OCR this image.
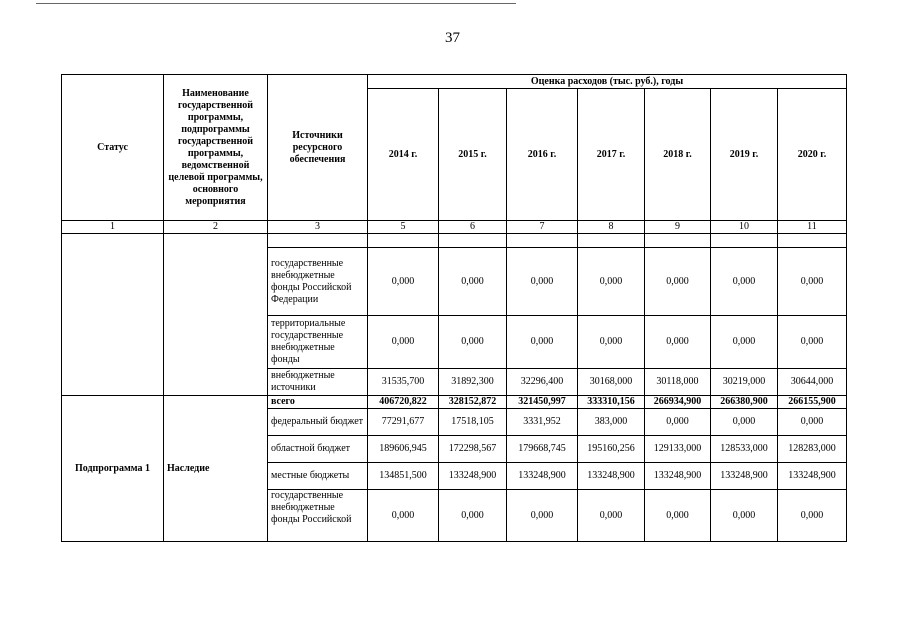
37
Статус	Наименование государственной программы, подпрограммы государственной программы, ведомственной целевой программы, основного мероприятия	Источники ресурсного обеспечения	Оценка расходов (тыс. руб.), годы						
			2014 г.	2015 г.	2016 г.	2017 г.	2018 г.	2019 г.	2020 г.
1	2	3	5	6	7	8	9	10	11

		государственные внебюджетные фонды Российской Федерации	0,000	0,000	0,000	0,000	0,000	0,000	0,000
		территориальные государственные внебюджетные фонды	0,000	0,000	0,000	0,000	0,000	0,000	0,000
		внебюджетные источники	31535,700	31892,300	32296,400	30168,000	30118,000	30219,000	30644,000
Подпрограмма 1	Наследие	всего	406720,822	328152,872	321450,997	333310,156	266934,900	266380,900	266155,900
		федеральный бюджет	77291,677	17518,105	3331,952	383,000	0,000	0,000	0,000
		областной бюджет	189606,945	172298,567	179668,745	195160,256	129133,000	128533,000	128283,000
		местные бюджеты	134851,500	133248,900	133248,900	133248,900	133248,900	133248,900	133248,900
		государственные внебюджетные фонды Российской	0,000	0,000	0,000	0,000	0,000	0,000	0,000
